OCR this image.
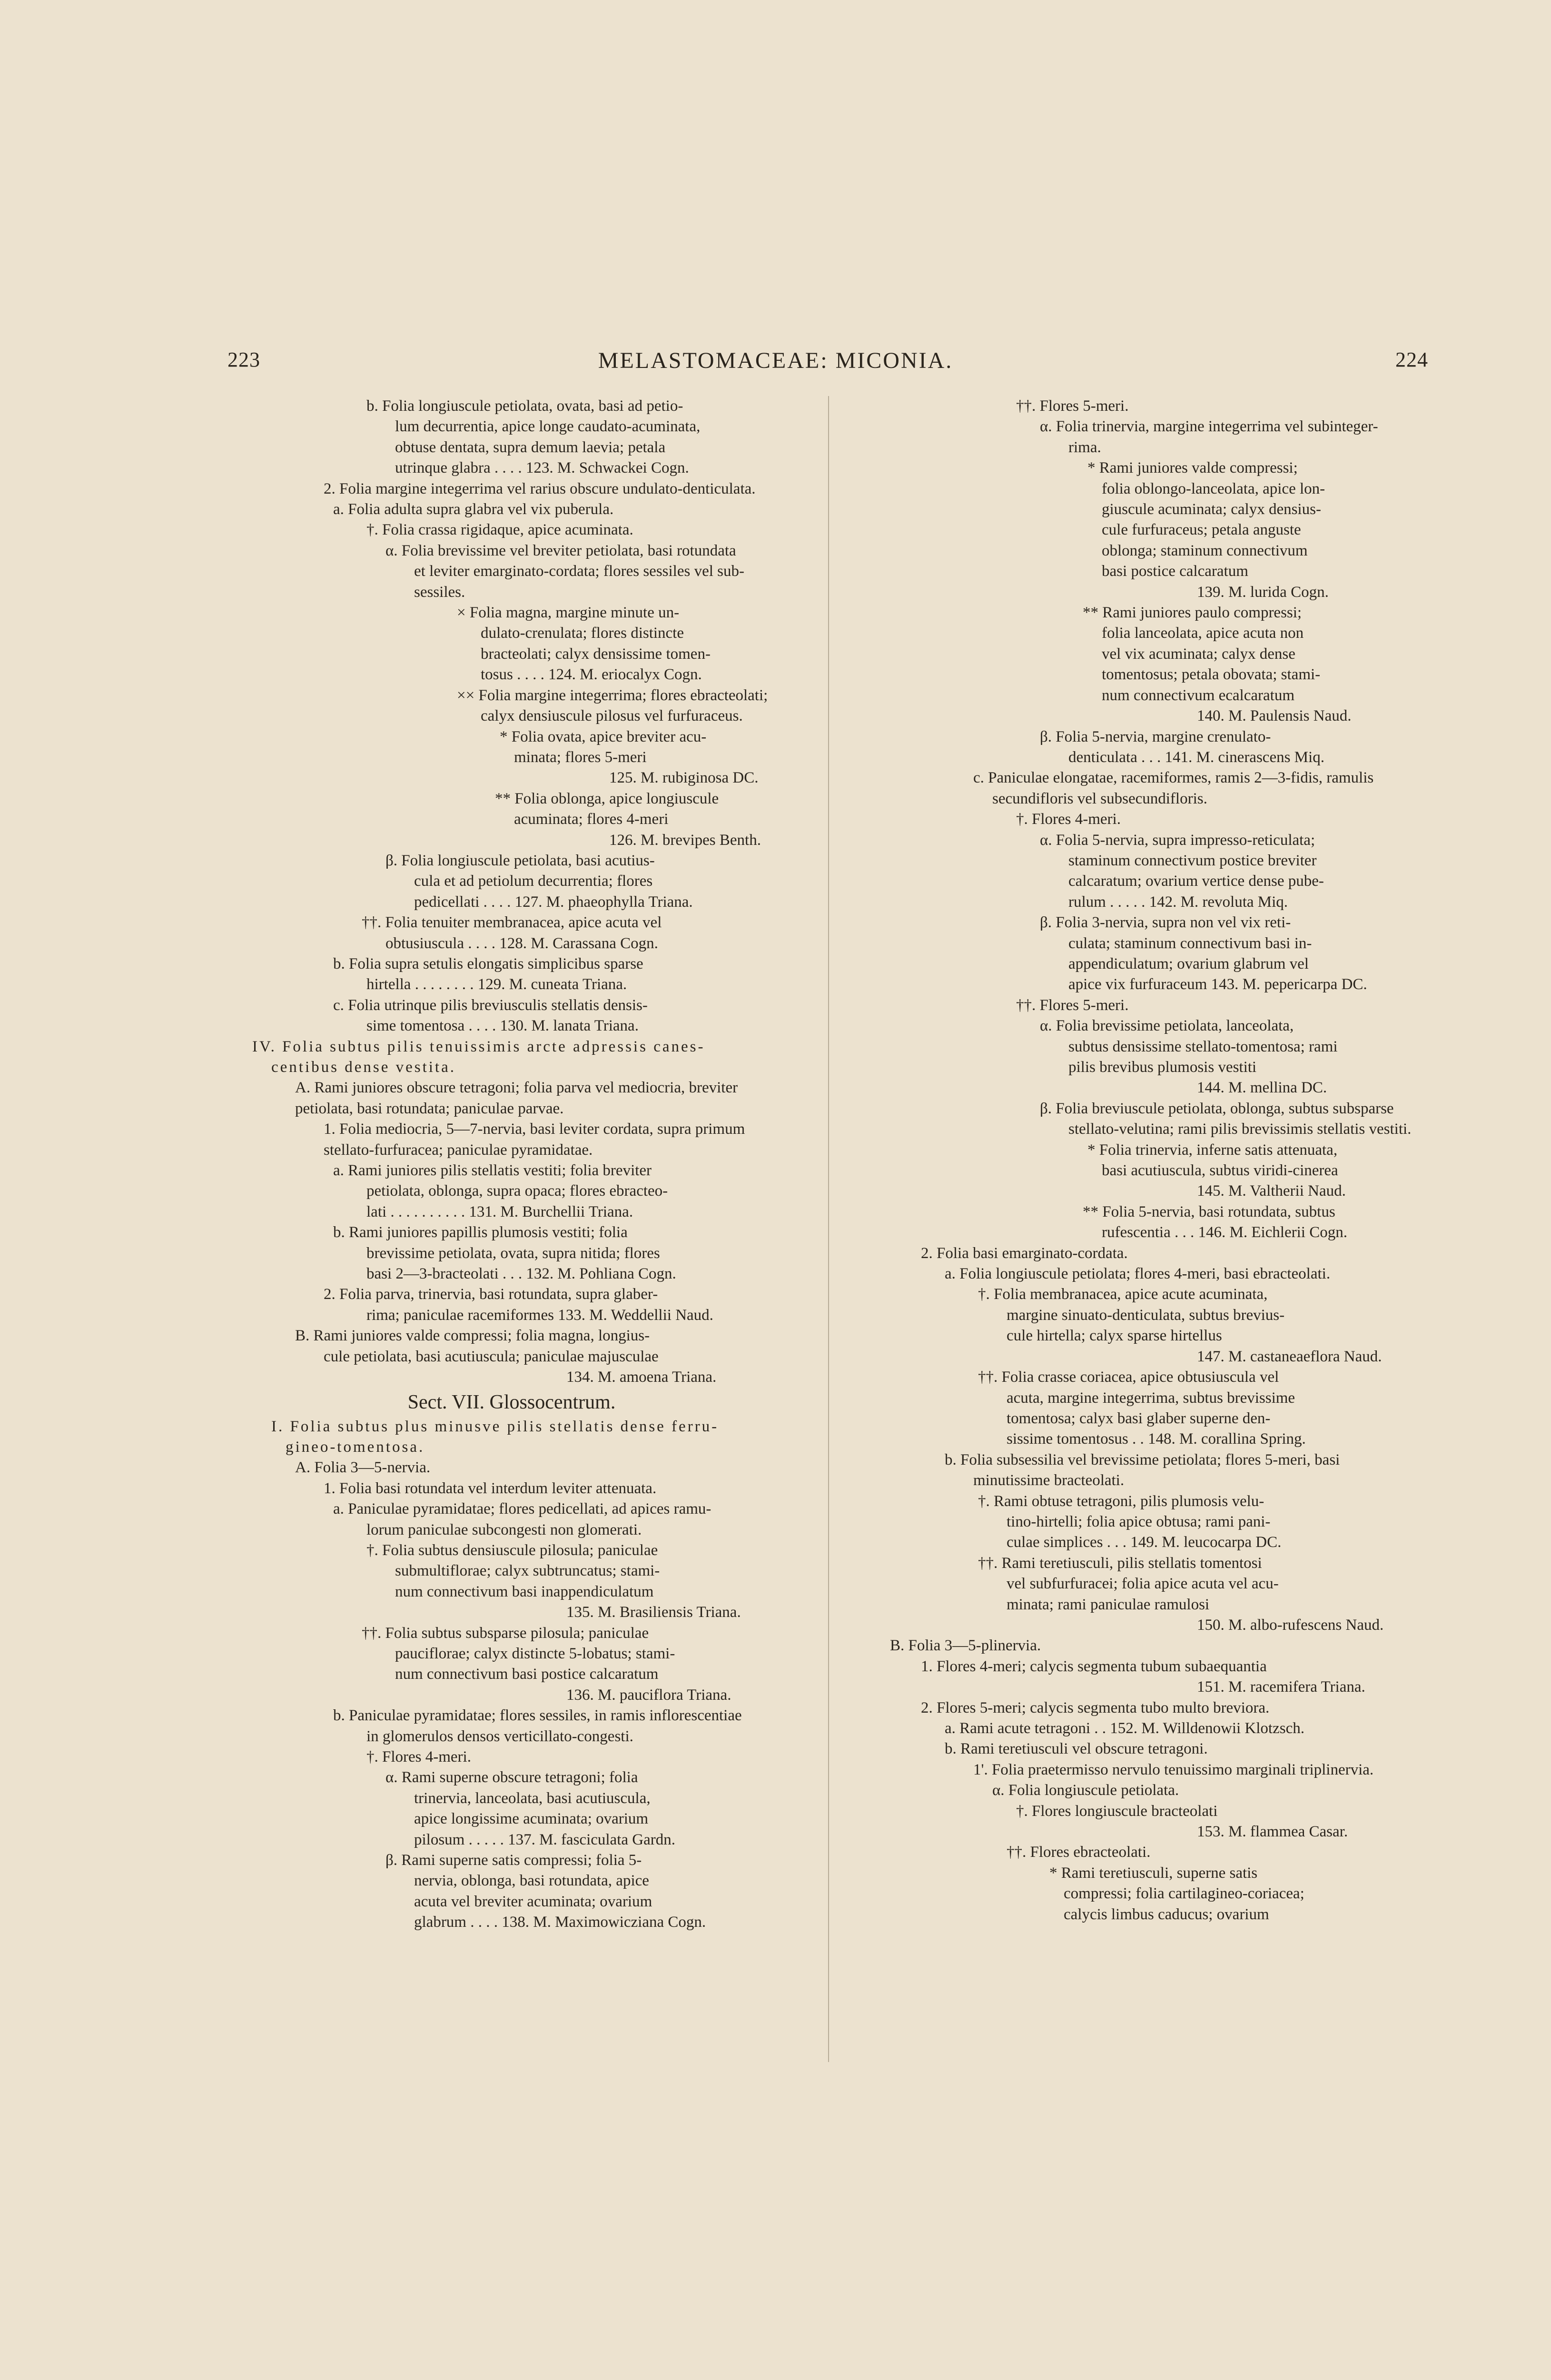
223	MELASTOMACEAE: MICONIA.	224
b. Folia longiuscule petiolata, ovata, basi ad petio-
lum decurrentia, apice longe caudato-acuminata,
obtuse dentata, supra demum laevia; petala
utrinque glabra . . . . 123. M. Schwackei Cogn.
2. Folia margine integerrima vel rarius obscure undulato-denticulata.
a. Folia adulta supra glabra vel vix puberula.
†. Folia crassa rigidaque, apice acuminata.
α. Folia brevissime vel breviter petiolata, basi rotundata
et leviter emarginato-cordata; flores sessiles vel sub-
sessiles.
× Folia magna, margine minute un-
dulato-crenulata; flores distincte
bracteolati; calyx densissime tomen-
tosus . . . . 124. M. eriocalyx Cogn.
×× Folia margine integerrima; flores ebracteolati;
calyx densiuscule pilosus vel furfuraceus.
* Folia ovata, apice breviter acu-
minata; flores 5-meri
125. M. rubiginosa DC.
** Folia oblonga, apice longiuscule
acuminata; flores 4-meri
126. M. brevipes Benth.
β. Folia longiuscule petiolata, basi acutius-
cula et ad petiolum decurrentia; flores
pedicellati . . . . 127. M. phaeophylla Triana.
††. Folia tenuiter membranacea, apice acuta vel
obtusiuscula . . . . 128. M. Carassana Cogn.
b. Folia supra setulis elongatis simplicibus sparse
hirtella . . . . . . . . 129. M. cuneata Triana.
c. Folia utrinque pilis breviusculis stellatis densis-
sime tomentosa . . . . 130. M. lanata Triana.
IV. Folia subtus pilis tenuissimis arcte adpressis canes-
centibus dense vestita.
A. Rami juniores obscure tetragoni; folia parva vel mediocria, breviter
petiolata, basi rotundata; paniculae parvae.
1. Folia mediocria, 5—7-nervia, basi leviter cordata, supra primum
stellato-furfuracea; paniculae pyramidatae.
a. Rami juniores pilis stellatis vestiti; folia breviter
petiolata, oblonga, supra opaca; flores ebracteo-
lati . . . . . . . . . . 131. M. Burchellii Triana.
b. Rami juniores papillis plumosis vestiti; folia
brevissime petiolata, ovata, supra nitida; flores
basi 2—3-bracteolati . . . 132. M. Pohliana Cogn.
2. Folia parva, trinervia, basi rotundata, supra glaber-
rima; paniculae racemiformes 133. M. Weddellii Naud.
B. Rami juniores valde compressi; folia magna, longius-
cule petiolata, basi acutiuscula; paniculae majusculae
134. M. amoena Triana.
Sect. VII. Glossocentrum.
I. Folia subtus plus minusve pilis stellatis dense ferru-
gineo-tomentosa.
A. Folia 3—5-nervia.
1. Folia basi rotundata vel interdum leviter attenuata.
a. Paniculae pyramidatae; flores pedicellati, ad apices ramu-
lorum paniculae subcongesti non glomerati.
†. Folia subtus densiuscule pilosula; paniculae
submultiflorae; calyx subtruncatus; stami-
num connectivum basi inappendiculatum
135. M. Brasiliensis Triana.
††. Folia subtus subsparse pilosula; paniculae
pauciflorae; calyx distincte 5-lobatus; stami-
num connectivum basi postice calcaratum
136. M. pauciflora Triana.
b. Paniculae pyramidatae; flores sessiles, in ramis inflorescentiae
in glomerulos densos verticillato-congesti.
†. Flores 4-meri.
α. Rami superne obscure tetragoni; folia
trinervia, lanceolata, basi acutiuscula,
apice longissime acuminata; ovarium
pilosum . . . . . 137. M. fasciculata Gardn.
β. Rami superne satis compressi; folia 5-
nervia, oblonga, basi rotundata, apice
acuta vel breviter acuminata; ovarium
glabrum . . . . 138. M. Maximowicziana Cogn.
††. Flores 5-meri.
α. Folia trinervia, margine integerrima vel subinteger-
rima.
* Rami juniores valde compressi;
folia oblongo-lanceolata, apice lon-
giuscule acuminata; calyx densius-
cule furfuraceus; petala anguste
oblonga; staminum connectivum
basi postice calcaratum
139. M. lurida Cogn.
** Rami juniores paulo compressi;
folia lanceolata, apice acuta non
vel vix acuminata; calyx dense
tomentosus; petala obovata; stami-
num connectivum ecalcaratum
140. M. Paulensis Naud.
β. Folia 5-nervia, margine crenulato-
denticulata . . . 141. M. cinerascens Miq.
c. Paniculae elongatae, racemiformes, ramis 2—3-fidis, ramulis
secundifloris vel subsecundifloris.
†. Flores 4-meri.
α. Folia 5-nervia, supra impresso-reticulata;
staminum connectivum postice breviter
calcaratum; ovarium vertice dense pube-
rulum . . . . . 142. M. revoluta Miq.
β. Folia 3-nervia, supra non vel vix reti-
culata; staminum connectivum basi in-
appendiculatum; ovarium glabrum vel
apice vix furfuraceum 143. M. pepericarpa DC.
††. Flores 5-meri.
α. Folia brevissime petiolata, lanceolata,
subtus densissime stellato-tomentosa; rami
pilis brevibus plumosis vestiti
144. M. mellina DC.
β. Folia breviuscule petiolata, oblonga, subtus subsparse
stellato-velutina; rami pilis brevissimis stellatis vestiti.
* Folia trinervia, inferne satis attenuata,
basi acutiuscula, subtus viridi-cinerea
145. M. Valtherii Naud.
** Folia 5-nervia, basi rotundata, subtus
rufescentia . . . 146. M. Eichlerii Cogn.
2. Folia basi emarginato-cordata.
a. Folia longiuscule petiolata; flores 4-meri, basi ebracteolati.
†. Folia membranacea, apice acute acuminata,
margine sinuato-denticulata, subtus brevius-
cule hirtella; calyx sparse hirtellus
147. M. castaneaeflora Naud.
††. Folia crasse coriacea, apice obtusiuscula vel
acuta, margine integerrima, subtus brevissime
tomentosa; calyx basi glaber superne den-
sissime tomentosus . . 148. M. corallina Spring.
b. Folia subsessilia vel brevissime petiolata; flores 5-meri, basi
minutissime bracteolati.
†. Rami obtuse tetragoni, pilis plumosis velu-
tino-hirtelli; folia apice obtusa; rami pani-
culae simplices . . . 149. M. leucocarpa DC.
††. Rami teretiusculi, pilis stellatis tomentosi
vel subfurfuracei; folia apice acuta vel acu-
minata; rami paniculae ramulosi
150. M. albo-rufescens Naud.
B. Folia 3—5-plinervia.
1. Flores 4-meri; calycis segmenta tubum subaequantia
151. M. racemifera Triana.
2. Flores 5-meri; calycis segmenta tubo multo breviora.
a. Rami acute tetragoni . . 152. M. Willdenowii Klotzsch.
b. Rami teretiusculi vel obscure tetragoni.
1'. Folia praetermisso nervulo tenuissimo marginali triplinervia.
α. Folia longiuscule petiolata.
†. Flores longiuscule bracteolati
153. M. flammea Casar.
††. Flores ebracteolati.
* Rami teretiusculi, superne satis
compressi; folia cartilagineo-coriacea;
calycis limbus caducus; ovarium
